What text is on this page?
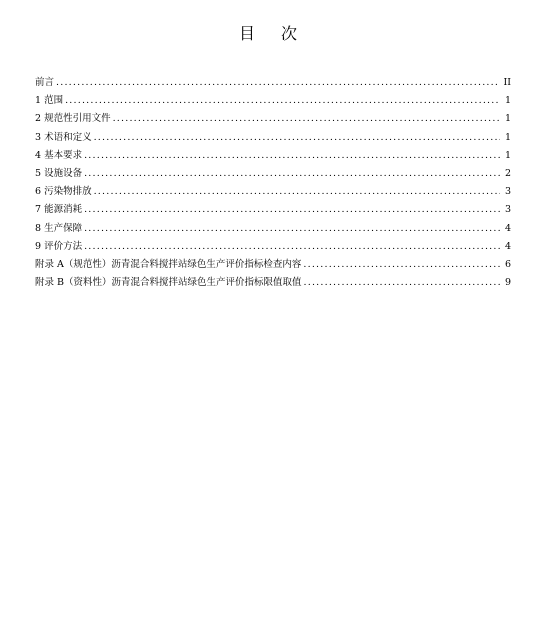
目 次
前言 .....	II
1 范围 .....	1
2 规范性引用文件 .....	1
3 术语和定义 .....	1
4 基本要求 .....	1
5 设施设备 .....	2
6 污染物排放 .....	3
7 能源消耗 .....	3
8 生产保障 .....	4
9 评价方法 .....	4
附录 A（规范性）沥青混合料搅拌站绿色生产评价指标检查内容 .....	6
附录 B（资料性）沥青混合料搅拌站绿色生产评价指标限值取值 .....	9
